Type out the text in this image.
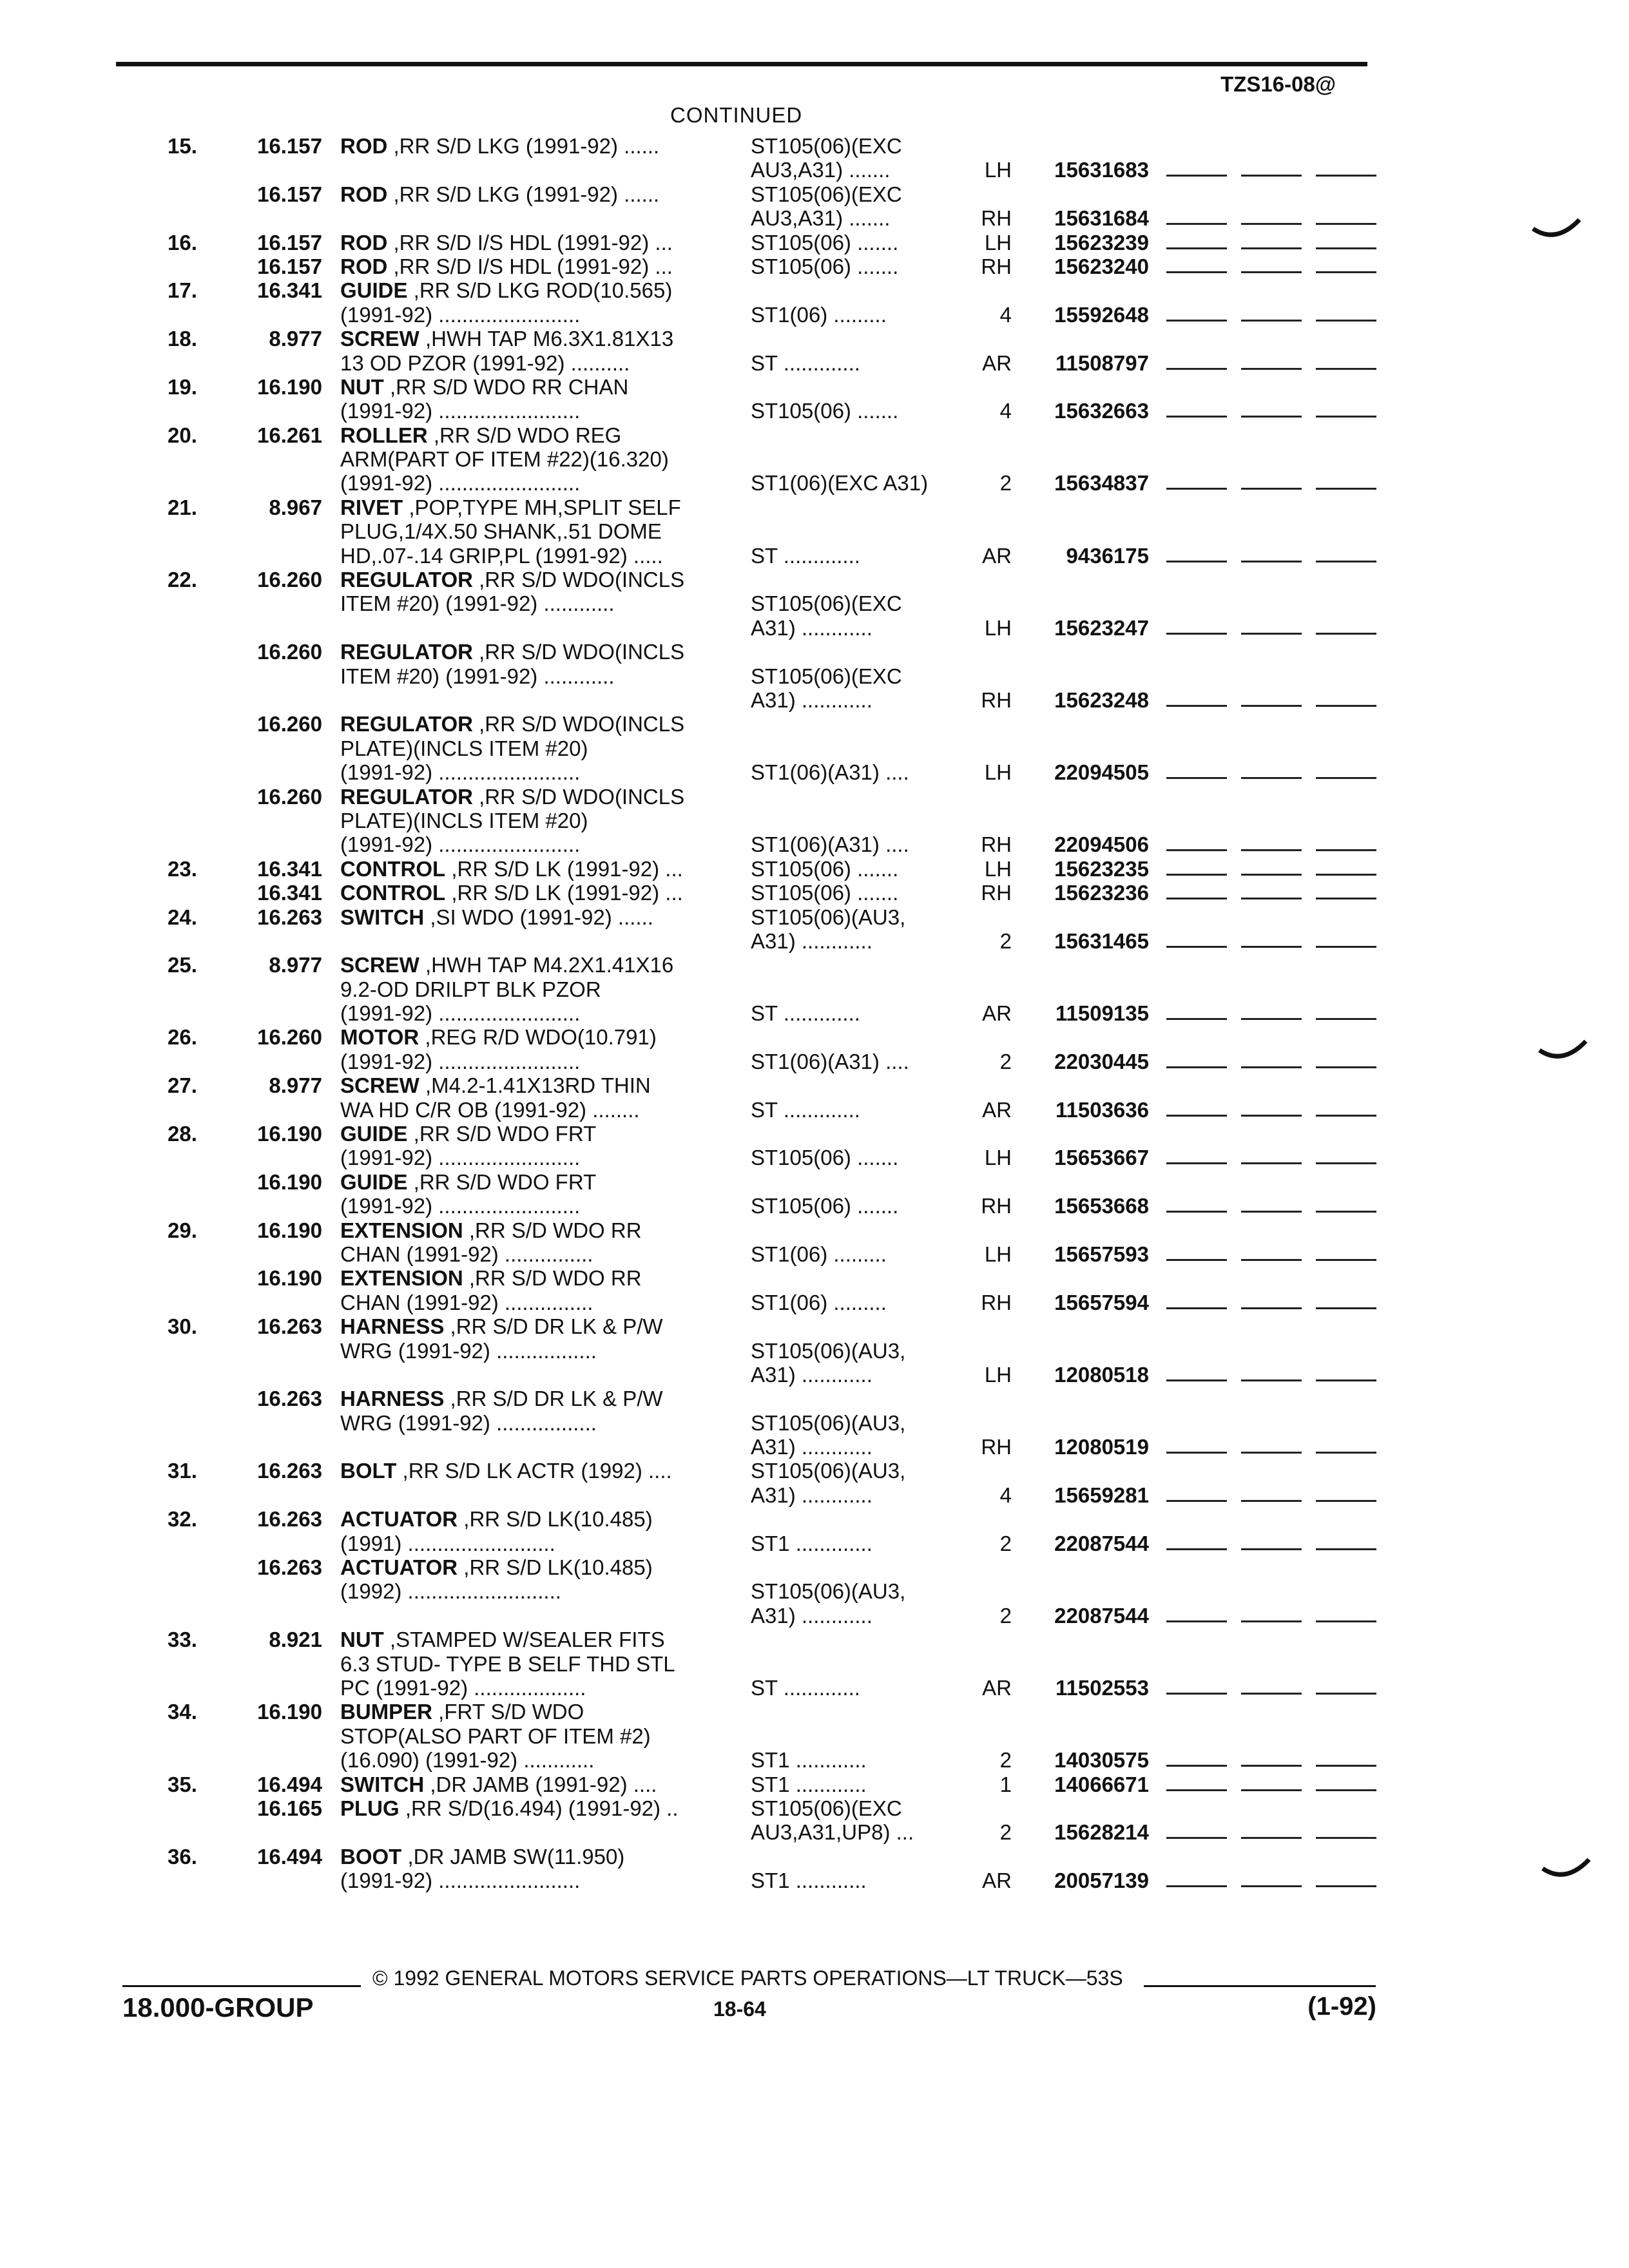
TZS16-08@
CONTINUED
15.	16.157 ROD ,RR S/D LKG (1991-92) ......	ST105(06)(EXC
AU3,A31) .......	LH 15631683
16.157 ROD ,RR S/D LKG (1991-92) ......	ST105(06)(EXC
AU3,A31) .......	RH 15631684
16.	16.157 ROD ,RR S/D I/S HDL (1991-92) ...	ST105(06) .......	LH 15623239
16.157 ROD ,RR S/D I/S HDL (1991-92) ...	ST105(06) .......	RH 15623240
17.	16.341 GUIDE ,RR S/D LKG ROD(10.565)
(1991-92) ........................	ST1(06) .........	4 15592648
18.	8.977 SCREW ,HWH TAP M6.3X1.81X13
13 OD PZOR (1991-92) ..........	ST .............	AR 11508797
19.	16.190 NUT ,RR S/D WDO RR CHAN
(1991-92) ........................	ST105(06) .......	4 15632663
20.	16.261 ROLLER ,RR S/D WDO REG
ARM(PART OF ITEM #22)(16.320)
(1991-92) ........................	ST1(06)(EXC A31)	2 15634837
21.	8.967 RIVET ,POP,TYPE MH,SPLIT SELF
PLUG,1/4X.50 SHANK,.51 DOME
HD,.07-.14 GRIP,PL (1991-92) .....	ST .............	AR	9436175
22.	16.260 REGULATOR ,RR S/D WDO(INCLS
ITEM #20) (1991-92) ............	ST105(06)(EXC
A31) ............	LH 15623247
16.260 REGULATOR ,RR S/D WDO(INCLS
ITEM #20) (1991-92) ............	ST105(06)(EXC
A31) ............	RH 15623248
16.260 REGULATOR ,RR S/D WDO(INCLS
PLATE)(INCLS ITEM #20)
(1991-92) ........................	ST1(06)(A31) ....	LH 22094505
16.260 REGULATOR ,RR S/D WDO(INCLS
PLATE)(INCLS ITEM #20)
(1991-92) ........................	ST1(06)(A31) ....	RH 22094506
23.	16.341 CONTROL ,RR S/D LK (1991-92) ...	ST105(06) .......	LH 15623235
16.341 CONTROL ,RR S/D LK (1991-92) ...	ST105(06) .......	RH 15623236
24.	16.263 SWITCH ,SI WDO (1991-92) ......	ST105(06)(AU3,
A31) ............	2 15631465
25.	8.977 SCREW ,HWH TAP M4.2X1.41X16
9.2-OD DRILPT BLK PZOR
(1991-92) ........................	ST .............	AR 11509135
26.	16.260 MOTOR ,REG R/D WDO(10.791)
(1991-92) ........................	ST1(06)(A31) ....	2 22030445
27.	8.977 SCREW ,M4.2-1.41X13RD THIN
WA HD C/R OB (1991-92) ........	ST .............	AR 11503636
28.	16.190 GUIDE ,RR S/D WDO FRT
(1991-92) ........................	ST105(06) .......	LH 15653667
16.190 GUIDE ,RR S/D WDO FRT
(1991-92) ........................	ST105(06) .......	RH 15653668
29.	16.190 EXTENSION ,RR S/D WDO RR
CHAN (1991-92) ...............	ST1(06) .........	LH 15657593
16.190 EXTENSION ,RR S/D WDO RR
CHAN (1991-92) ...............	ST1(06) .........	RH 15657594
30.	16.263 HARNESS ,RR S/D DR LK & P/W
WRG (1991-92) .................	ST105(06)(AU3,
A31) ............	LH 12080518
16.263 HARNESS ,RR S/D DR LK & P/W
WRG (1991-92) .................	ST105(06)(AU3,
A31) ............	RH 12080519
31.	16.263 BOLT ,RR S/D LK ACTR (1992) ....	ST105(06)(AU3,
A31) ............	4 15659281
32.	16.263 ACTUATOR ,RR S/D LK(10.485)
(1991) .........................	ST1 .............	2 22087544
16.263 ACTUATOR ,RR S/D LK(10.485)
(1992) ..........................	ST105(06)(AU3,
A31) ............	2 22087544
33.	8.921 NUT ,STAMPED W/SEALER FITS
6.3 STUD- TYPE B SELF THD STL
PC (1991-92) ...................	ST .............	AR 11502553
34.	16.190 BUMPER ,FRT S/D WDO
STOP(ALSO PART OF ITEM #2)
(16.090) (1991-92) ............	ST1 ............	2 14030575
35.	16.494 SWITCH ,DR JAMB (1991-92) ....	ST1 ............	1 14066671
16.165 PLUG ,RR S/D(16.494) (1991-92) ..	ST105(06)(EXC
AU3,A31,UP8) ...	2 15628214
36.	16.494 BOOT ,DR JAMB SW(11.950)
(1991-92) ........................	ST1 ............	AR 20057139
© 1992 GENERAL MOTORS SERVICE PARTS OPERATIONS—LT TRUCK—53S
18.000-GROUP	18-64	(1-92)
